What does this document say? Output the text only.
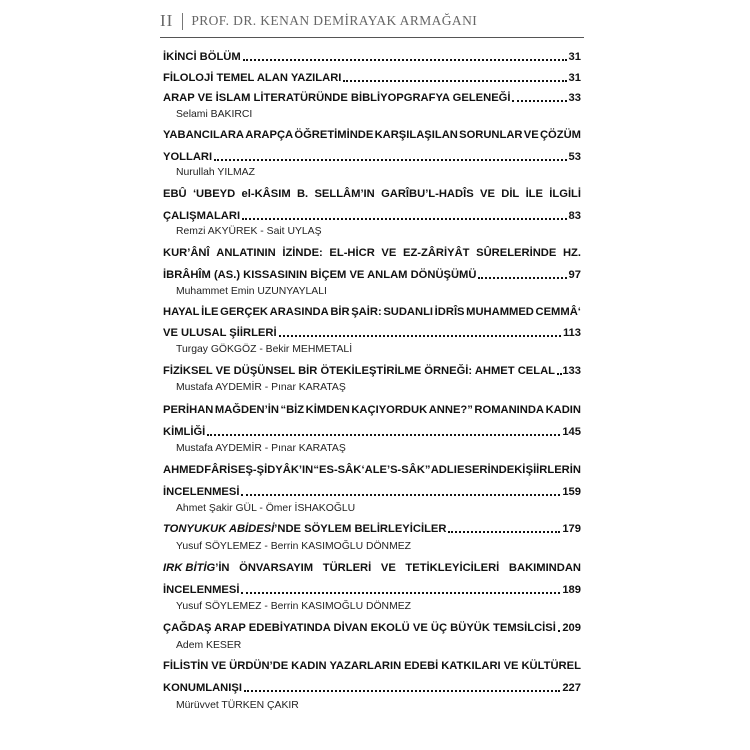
II PROF. DR. KENAN DEMİRAYAK ARMAĞANI
İKİNCİ BÖLÜM	31
FİLOLOJİ TEMEL ALAN YAZILARI	31
ARAP VE İSLAM LİTERATÜRÜNDE BİBLİYOPGRAFYA GELENEĞİ	33
Selami BAKIRCI
YABANCILARA ARAPÇA ÖĞRETİMİNDE KARŞILAŞILAN SORUNLAR VE ÇÖZÜM
YOLLARI	53
Nurullah YILMAZ
EBÛ ‘UBEYD el-KÂSIM B. SELLÂM’IN GARÎBU’L-HADÎS VE DİL İLE İLGİLİ
ÇALIŞMALARI	83
Remzi AKYÜREK - Sait UYLAŞ
KUR’ÂNÎ ANLATININ İZİNDE: EL-HİCR VE EZ-ZÂRİYÂT SÛRELERİNDE HZ.
İBRÂHÎM (AS.) KISSASININ BİÇEM VE ANLAM DÖNÜŞÜMÜ	97
Muhammet Emin UZUNYAYLALI
HAYAL İLE GERÇEK ARASINDA BİR ŞAİR: SUDANLI İDRÎS MUHAMMED CEMMÂ‘
VE ULUSAL ŞİİRLERİ	113
Turgay GÖKGÖZ - Bekir MEHMETALİ
FİZİKSEL VE DÜŞÜNSEL BİR ÖTEKİLEŞTİRİLME ÖRNEĞİ: AHMET CELAL 133
Mustafa AYDEMİR - Pınar KARATAŞ
PERİHAN MAĞDEN’İN “BİZ KİMDEN KAÇIYORDUK ANNE?” ROMANINDA KADIN
KİMLİĞİ	145
Mustafa AYDEMİR - Pınar KARATAŞ
AHMED FÂRİS EŞ-ŞİDYÂK’IN “ES-SÂK ‘ALE’S-SÂK” ADLI ESERİNDEKİ ŞİİRLERİN
İNCELENMESİ	159
Ahmet Şakir GÜL - Ömer İSHAKOĞLU
TONYUKUK ABİDESİ ’NDE SÖYLEM BELİRLEYİCİLER	179
Yusuf SÖYLEMEZ - Berrin KASIMOĞLU DÖNMEZ
IRK BİTİG’İN ÖNVARSAYIM TÜRLERİ VE TETİKLEYİCİLERİ BAKIMINDAN
İNCELENMESİ	189
Yusuf SÖYLEMEZ - Berrin KASIMOĞLU DÖNMEZ
ÇAĞDAŞ ARAP EDEBİYATINDA DİVAN EKOLÜ VE ÜÇ BÜYÜK TEMSİLCİSİ 209
Adem KESER
FİLİSTİN VE ÜRDÜN’DE KADIN YAZARLARIN EDEBİ KATKILARI VE KÜLTÜREL
KONUMLANIŞI	227
Mürüvvet TÜRKEN ÇAKIR
